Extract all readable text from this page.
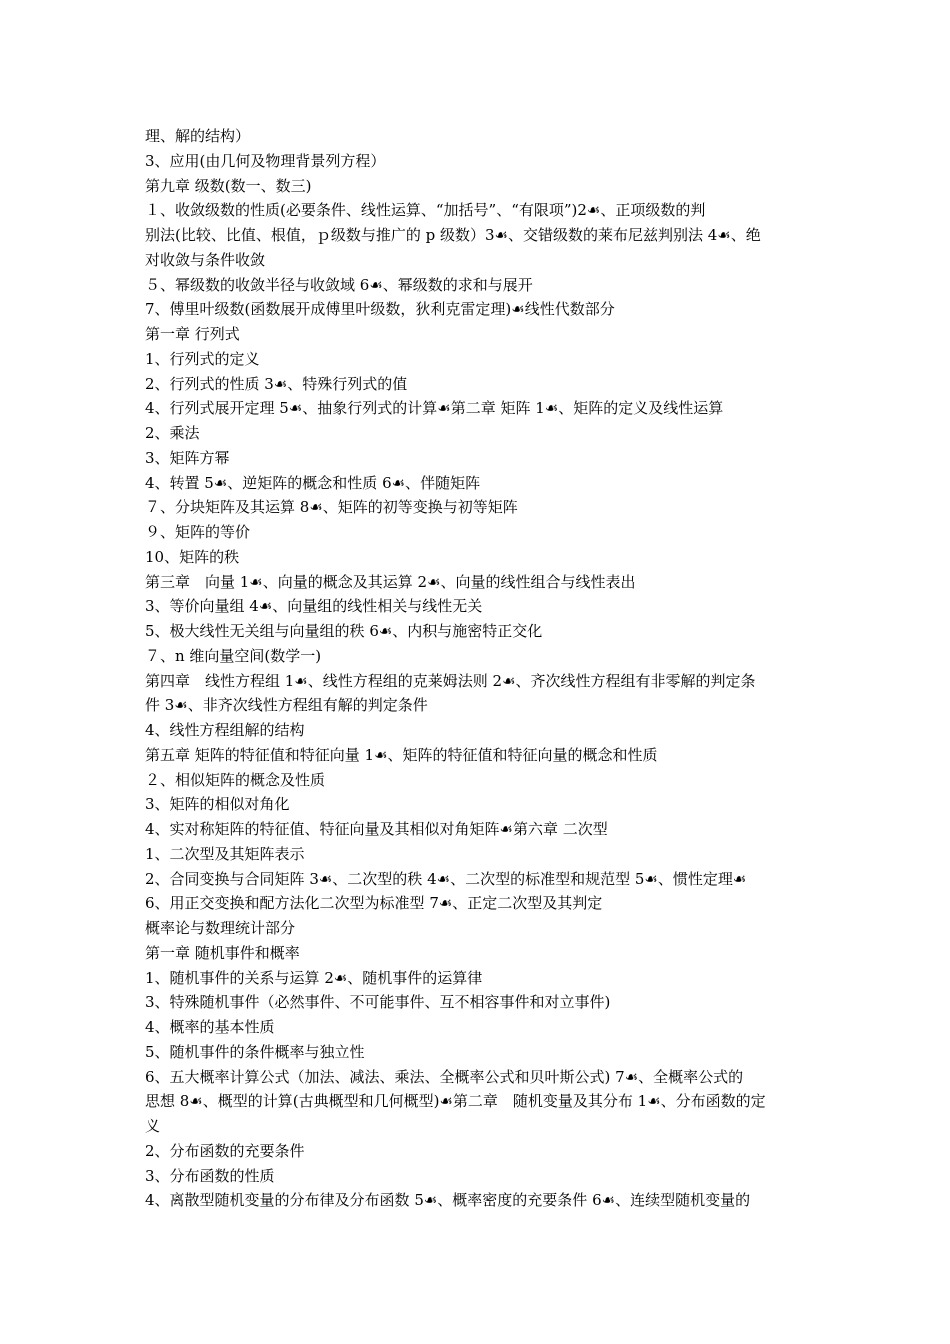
理、解的结构）
3、应用(由几何及物理背景列方程）
第九章 级数(数一、数三)
１、收敛级数的性质(必要条件、线性运算、“加括号”、“有限项”)2☙、正项级数的判
别法(比较、比值、根值，ｐ级数与推广的 p 级数）3☙、交错级数的莱布尼兹判别法 4☙、绝
对收敛与条件收敛
５、幂级数的收敛半径与收敛域 6☙、幂级数的求和与展开
7、傅里叶级数(函数展开成傅里叶级数，狄利克雷定理)☙线性代数部分
第一章 行列式
1、行列式的定义
2、行列式的性质 3☙、特殊行列式的值
4、行列式展开定理 5☙、抽象行列式的计算☙第二章 矩阵 1☙、矩阵的定义及线性运算
2、乘法
3、矩阵方幂
4、转置 5☙、逆矩阵的概念和性质 6☙、伴随矩阵
７、分块矩阵及其运算 8☙、矩阵的初等变换与初等矩阵
９、矩阵的等价
10、矩阵的秩
第三章　向量 1☙、向量的概念及其运算 2☙、向量的线性组合与线性表出
3、等价向量组 4☙、向量组的线性相关与线性无关
5、极大线性无关组与向量组的秩 6☙、内积与施密特正交化
７、n 维向量空间(数学一)
第四章　线性方程组 1☙、线性方程组的克莱姆法则 2☙、齐次线性方程组有非零解的判定条
件 3☙、非齐次线性方程组有解的判定条件
4、线性方程组解的结构
第五章 矩阵的特征值和特征向量 1☙、矩阵的特征值和特征向量的概念和性质
２、相似矩阵的概念及性质
3、矩阵的相似对角化
4、实对称矩阵的特征值、特征向量及其相似对角矩阵☙第六章 二次型
1、二次型及其矩阵表示
2、合同变换与合同矩阵 3☙、二次型的秩 4☙、二次型的标准型和规范型 5☙、惯性定理☙
6、用正交变换和配方法化二次型为标准型 7☙、正定二次型及其判定
概率论与数理统计部分
第一章 随机事件和概率
1、随机事件的关系与运算 2☙、随机事件的运算律
3、特殊随机事件（必然事件、不可能事件、互不相容事件和对立事件)
4、概率的基本性质
5、随机事件的条件概率与独立性
6、五大概率计算公式（加法、减法、乘法、全概率公式和贝叶斯公式) 7☙、全概率公式的
思想 8☙、概型的计算(古典概型和几何概型)☙第二章　随机变量及其分布 1☙、分布函数的定
义
2、分布函数的充要条件
3、分布函数的性质
4、离散型随机变量的分布律及分布函数 5☙、概率密度的充要条件 6☙、连续型随机变量的
